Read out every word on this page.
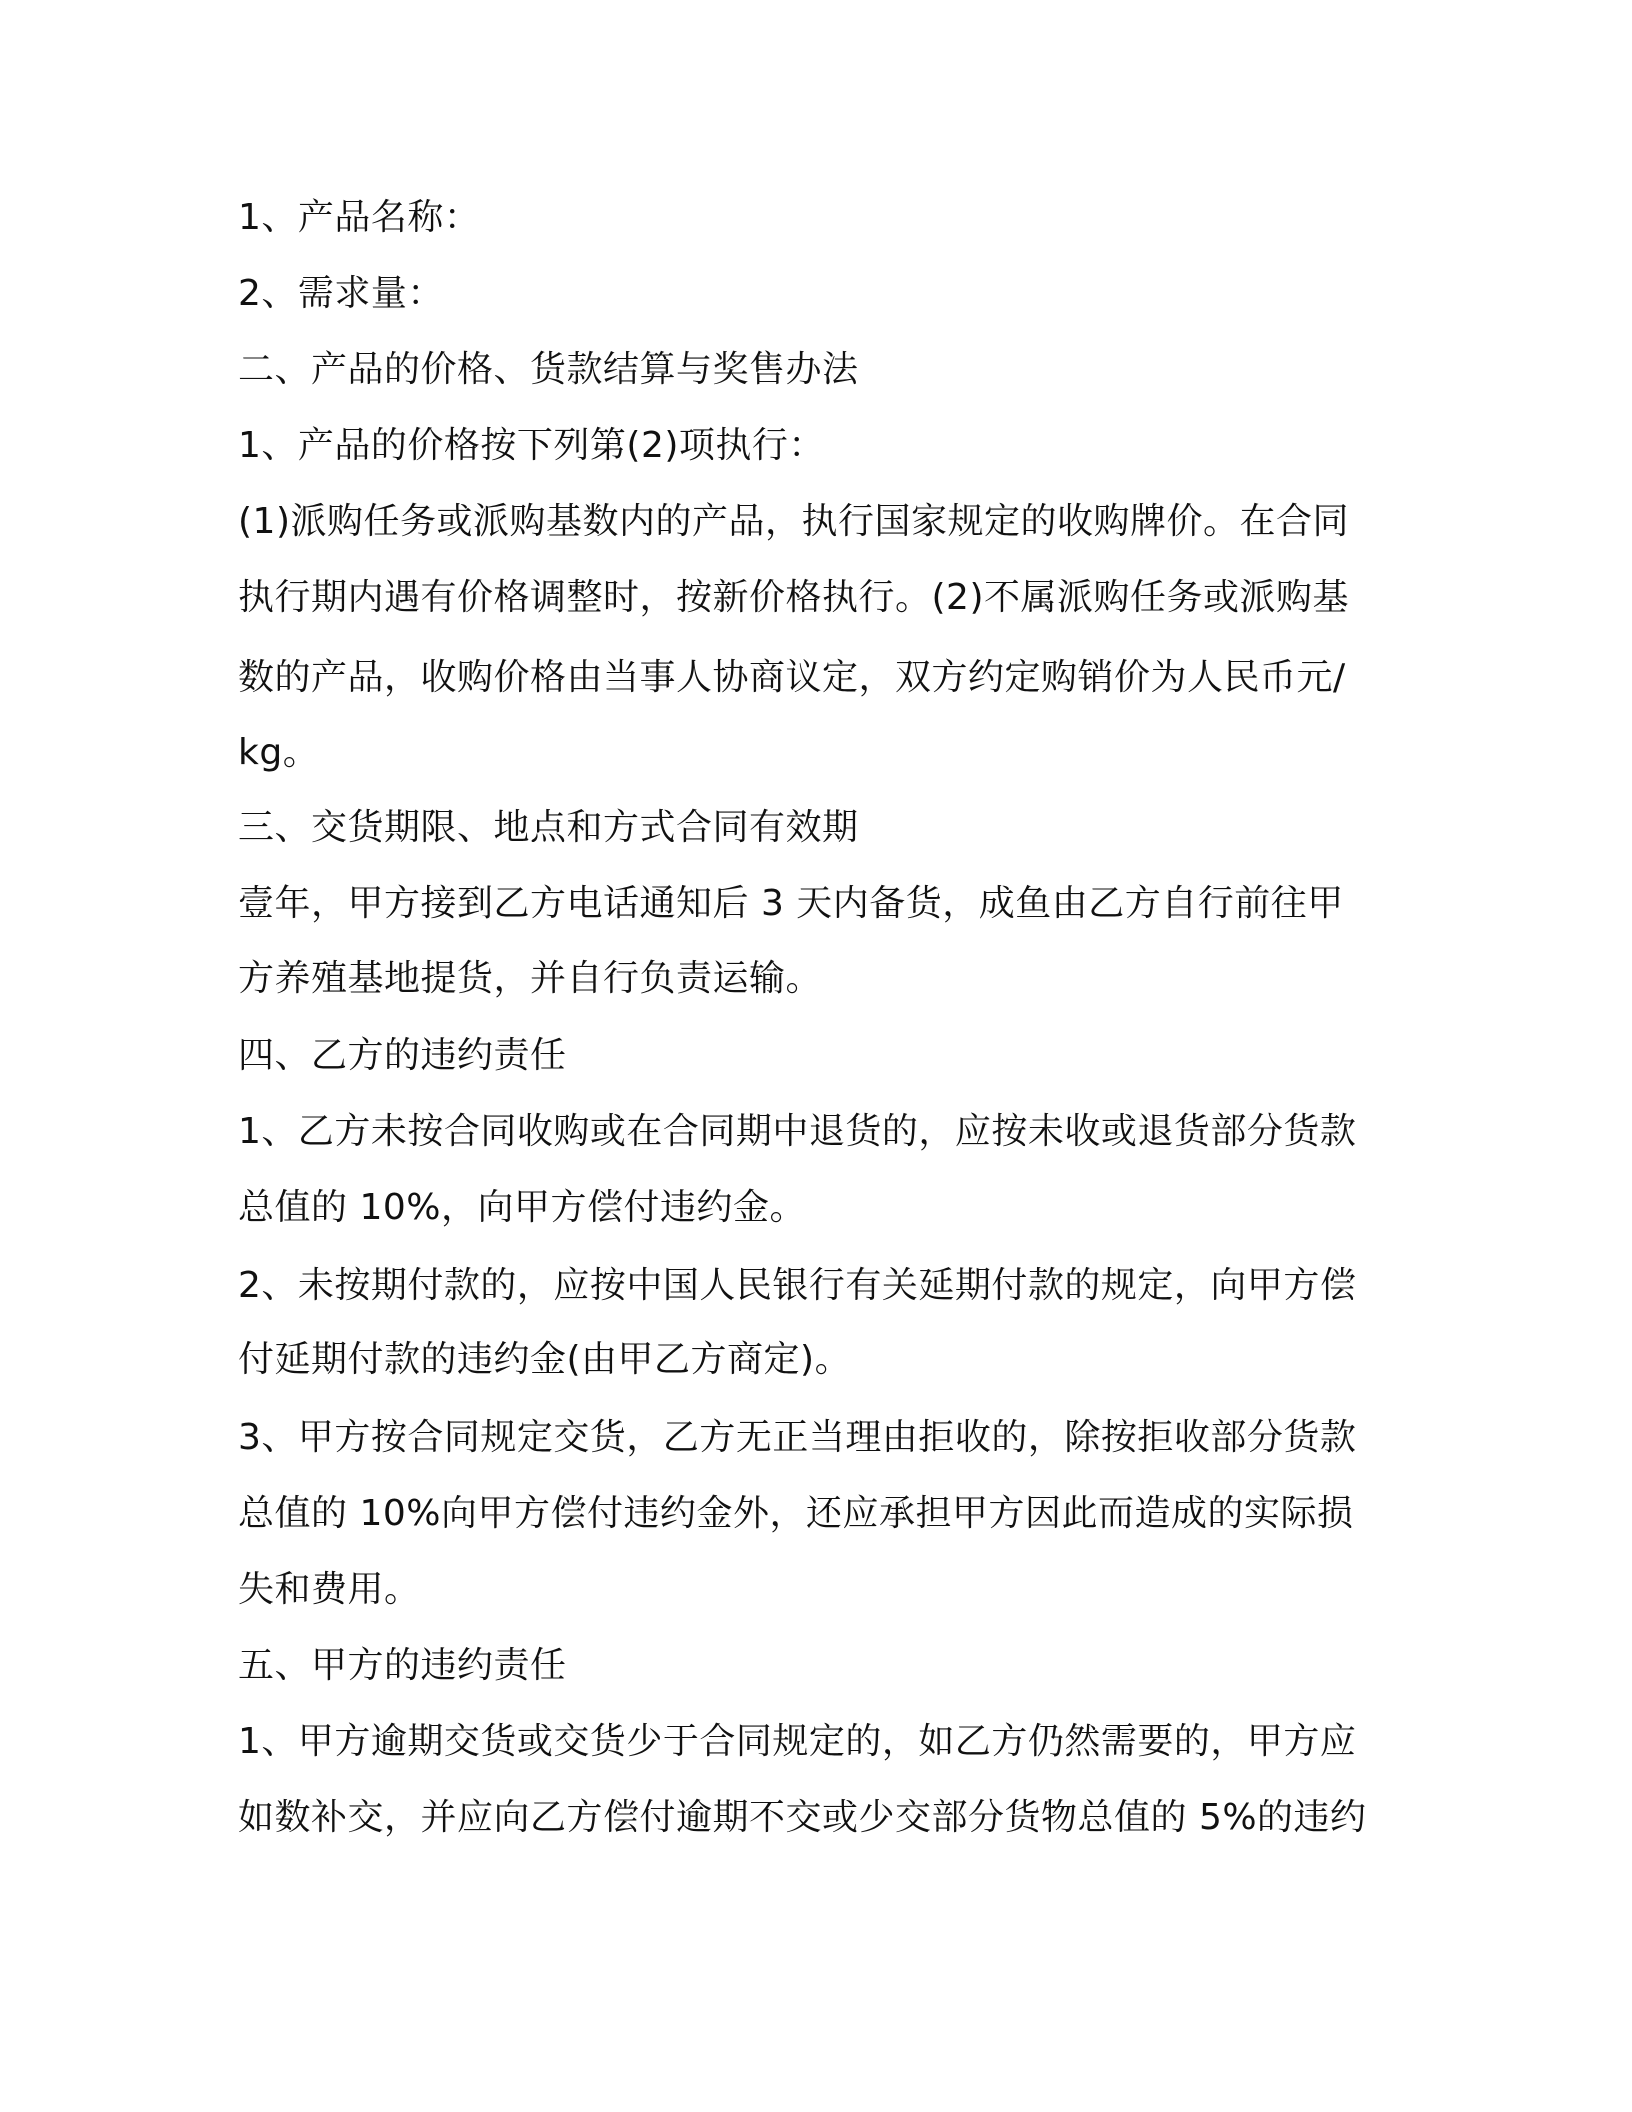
1、产品名称：
2、需求量：
二、产品的价格、货款结算与奖售办法
1、产品的价格按下列第(2)项执行：
(1)派购任务或派购基数内的产品，执行国家规定的收购牌价。在合同
执行期内遇有价格调整时，按新价格执行。(2)不属派购任务或派购基
数的产品，收购价格由当事人协商议定，双方约定购销价为人民币元/
kg。
三、交货期限、地点和方式合同有效期
壹年，甲方接到乙方电话通知后 3 天内备货，成鱼由乙方自行前往甲
方养殖基地提货，并自行负责运输。
四、乙方的违约责任
1、乙方未按合同收购或在合同期中退货的，应按未收或退货部分货款
总值的 10%，向甲方偿付违约金。
2、未按期付款的，应按中国人民银行有关延期付款的规定，向甲方偿
付延期付款的违约金(由甲乙方商定)。
3、甲方按合同规定交货，乙方无正当理由拒收的，除按拒收部分货款
总值的 10%向甲方偿付违约金外，还应承担甲方因此而造成的实际损
失和费用。
五、甲方的违约责任
1、甲方逾期交货或交货少于合同规定的，如乙方仍然需要的，甲方应
如数补交，并应向乙方偿付逾期不交或少交部分货物总值的 5%的违约
